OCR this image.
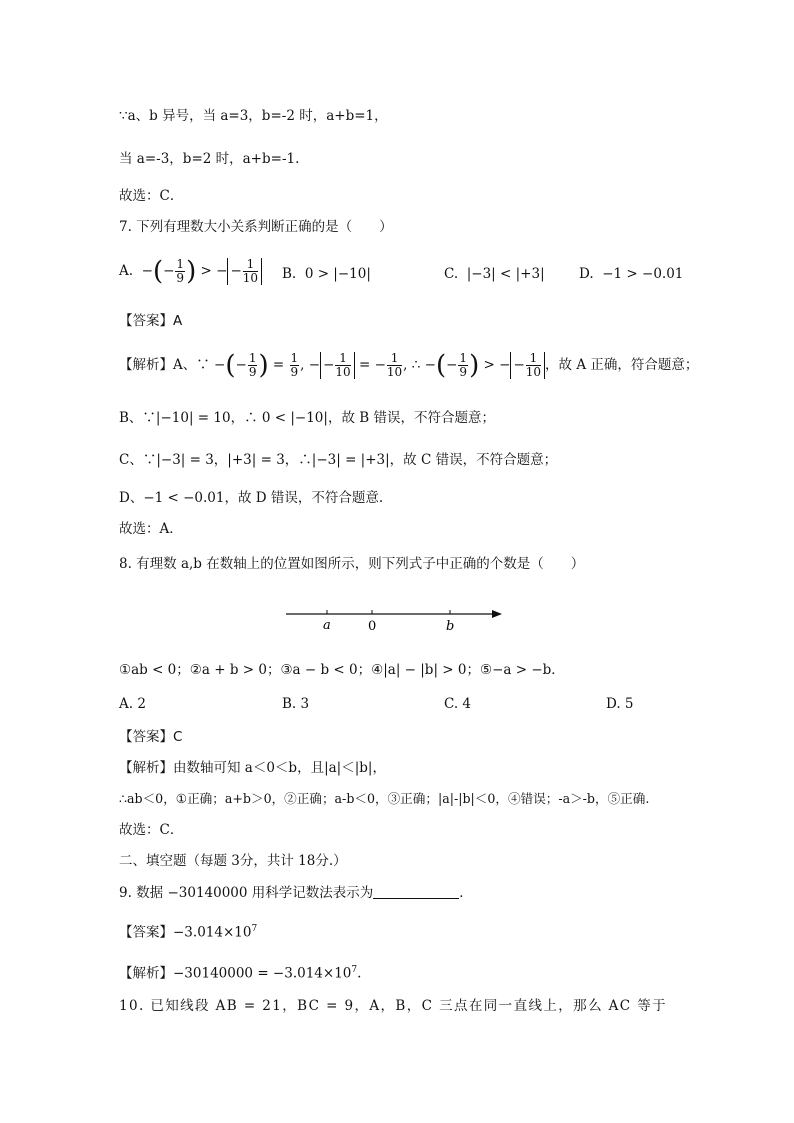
∵a、b 异号，当 a=3，b=-2 时，a+b=1，
当 a=-3，b=2 时，a+b=-1.
故选：C．
7. 下列有理数大小关系判断正确的是（　　）
A.  −(− $\frac{1}{9}$ ) > − − $\frac{1}{10} B$. 0 > |−10|	C. |−3| < |+3|	D. −1 > −0.01
【答案】A
【解析】A、∵ −(− $\frac{1}{9}$ ) = $\frac{1}{9}$ , − − $\frac{1}{10}$ = − $\frac{1}{10}$ , ∴ −(− $\frac{1}{9}$ ) > − − $\frac{1}{10}$ ，故 A 正确，符合题意；
B、∵|−10| = 10，∴ 0 < |−10|，故 B 错误，不符合题意；
C、∵|−3| = 3，|+3| = 3，∴|−3| = |+3|，故 C 错误，不符合题意；
D、−1 < −0.01，故 D 错误，不符合题意.
故选：A．
8. 有理数 a,b 在数轴上的位置如图所示，则下列式子中正确的个数是（　　）
a	0	b
①ab < 0；②a + b > 0；③a − b < 0；④|a| − |b| > 0；⑤−a > −b．
A. 2	B. 3	C. 4	D. 5
【答案】C
【解析】由数轴可知 a＜0＜b，且|a|＜|b|，
∴ab＜0，①正确；a+b＞0，②正确；a-b＜0，③正确；|a|-|b|＜0，④错误；-a＞-b，⑤正确.
故选：C．
二、填空题（每题 3分，共计 18分.）
9. 数据 −30140000 用科学记数法表示为	．
【答案】$-3.014\times 10^7$
【解析】$-30140000 = -3.014\times 10^7$.
10. 已知线段 AB = 21，BC = 9，A，B，C 三点在同一直线上，那么 AC 等于
